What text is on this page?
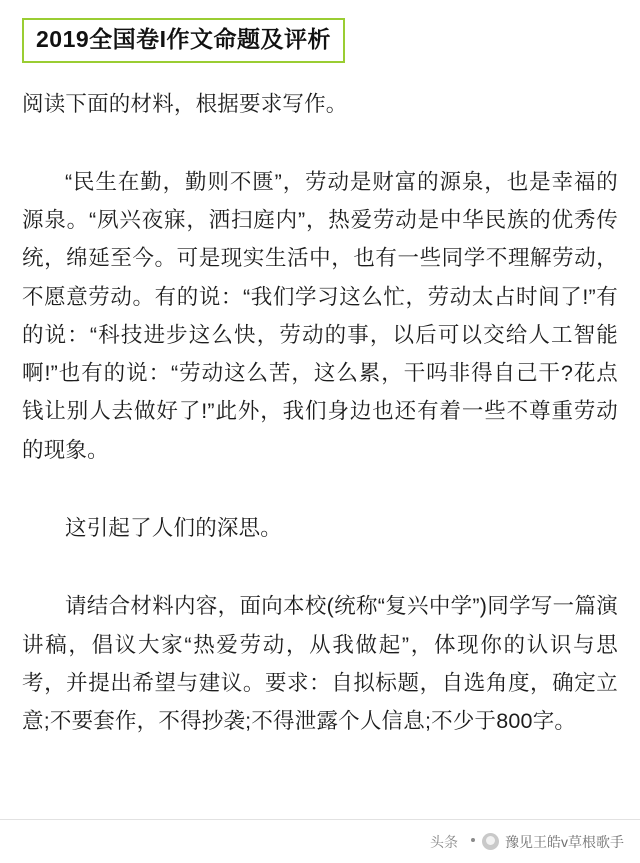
2019全国卷I作文命题及评析

阅读下面的材料，根据要求写作。

“民生在勤，勤则不匮”，劳动是财富的源泉，也是幸福的源泉。“夙兴夜寐，洒扫庭内”，热爱劳动是中华民族的优秀传统，绵延至今。可是现实生活中，也有一些同学不理解劳动，不愿意劳动。有的说：“我们学习这么忙，劳动太占时间了!”有的说：“科技进步这么快，劳动的事，以后可以交给人工智能啊!”也有的说：“劳动这么苦，这么累，干吗非得自己干?花点钱让别人去做好了!”此外，我们身边也还有着一些不尊重劳动的现象。

这引起了人们的深思。

请结合材料内容，面向本校(统称“复兴中学”)同学写一篇演讲稿，倡议大家“热爱劳动，从我做起”，体现你的认识与思考，并提出希望与建议。要求：自拟标题，自选角度，确定立意;不要套作，不得抄袭;不得泄露个人信息;不少于800字。

头条	豫见王皓v草根歌手
